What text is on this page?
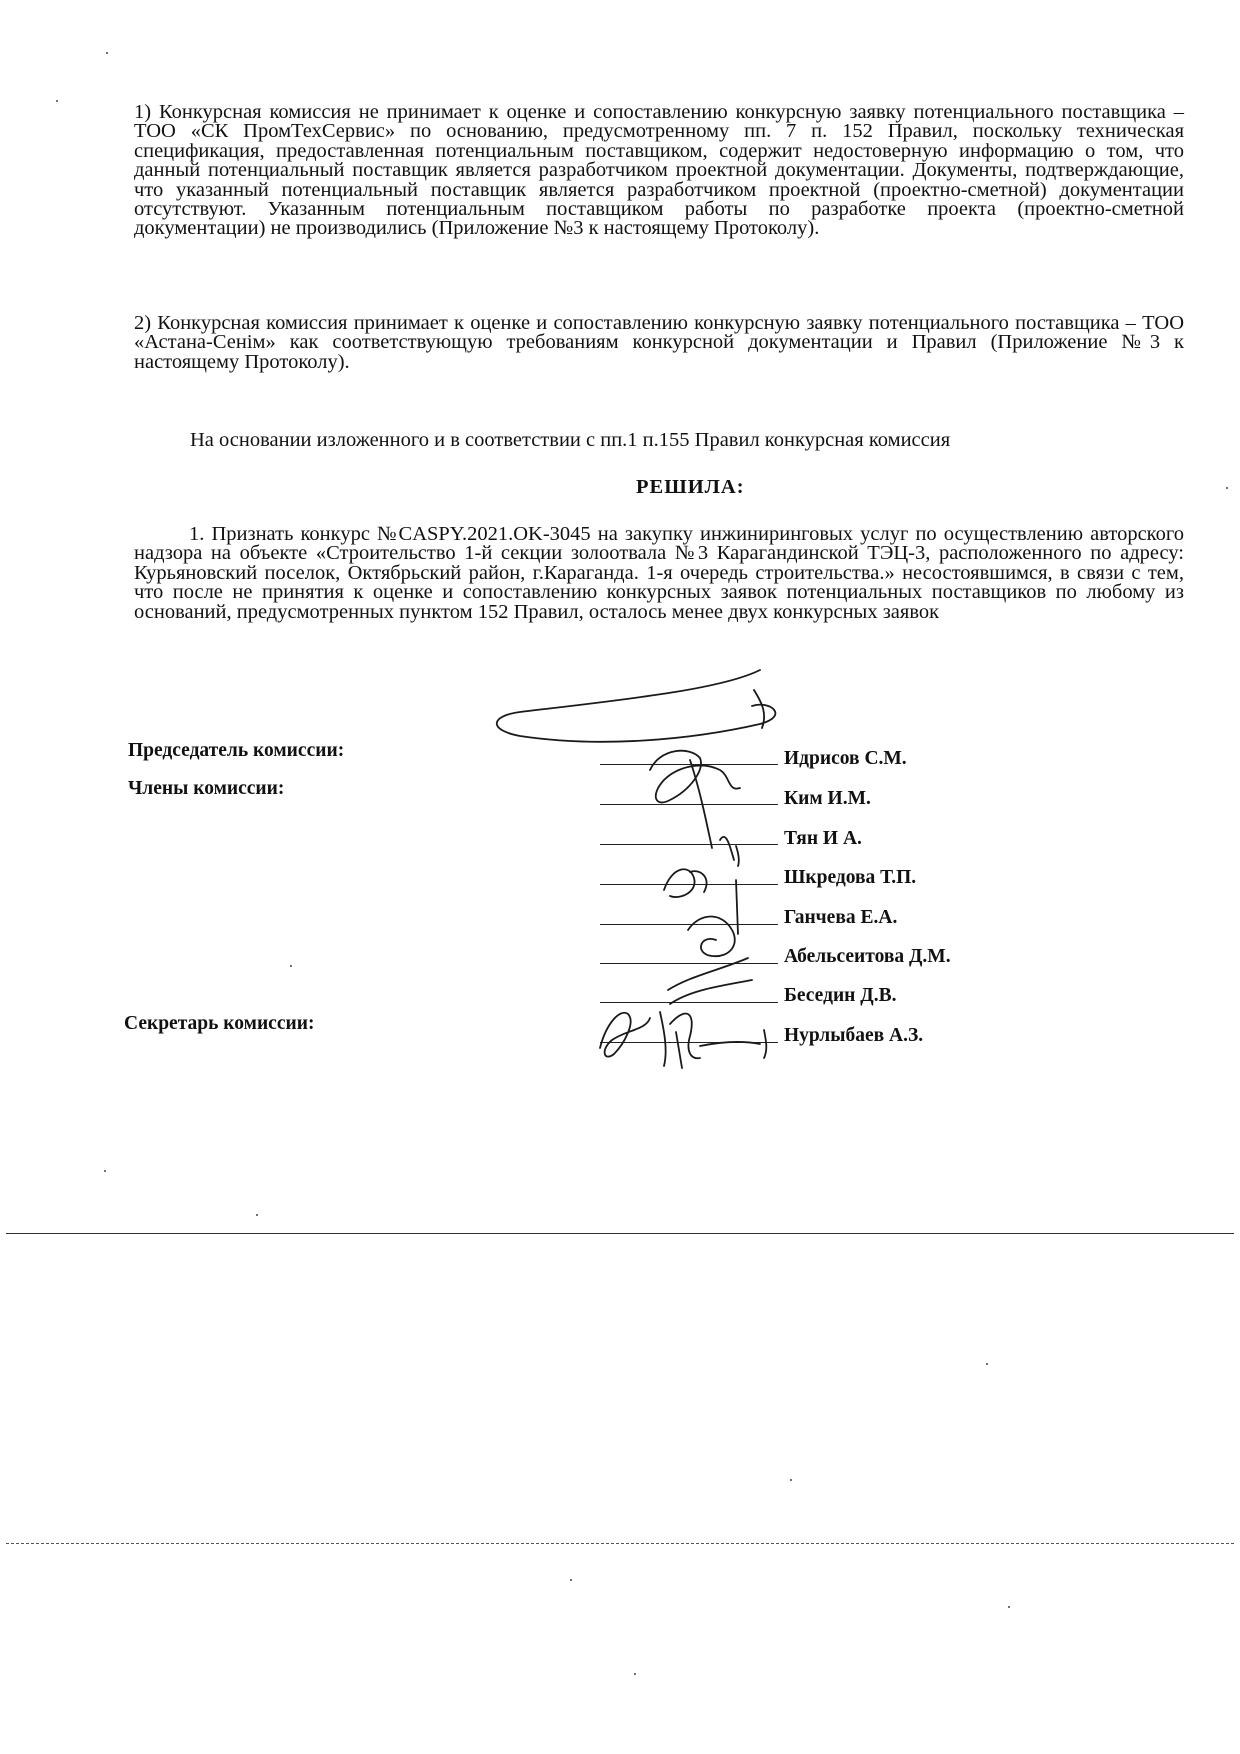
1) Конкурсная комиссия не принимает к оценке и сопоставлению конкурсную заявку потенциального поставщика – ТОО «СК ПромТехСервис» по основанию, предусмотренному пп. 7 п. 152 Правил, поскольку техническая спецификация, предоставленная потенциальным поставщиком, содержит недостоверную информацию о том, что данный потенциальный поставщик является разработчиком проектной документации. Документы, подтверждающие, что указанный потенциальный поставщик является разработчиком проектной (проектно-сметной) документации отсутствуют. Указанным потенциальным поставщиком работы по разработке проекта (проектно-сметной документации) не производились (Приложение №3 к настоящему Протоколу).

2) Конкурсная комиссия принимает к оценке и сопоставлению конкурсную заявку потенциального поставщика – ТОО «Астана-Сенім» как соответствующую требованиям конкурсной документации и Правил (Приложение №3 к настоящему Протоколу).

На основании изложенного и в соответствии с пп.1 п.155 Правил конкурсная комиссия

РЕШИЛА:

1. Признать конкурс №CASPY.2021.OK-3045 на закупку инжиниринговых услуг по осуществлению авторского надзора на объекте «Строительство 1-й секции золоотвала №3 Карагандинской ТЭЦ-3, расположенного по адресу: Курьяновский поселок, Октябрьский район, г.Караганда. 1-я очередь строительства.» несостоявшимся, в связи с тем, что после не принятия к оценке и сопоставлению конкурсных заявок потенциальных поставщиков по любому из оснований, предусмотренных пунктом 152 Правил, осталось менее двух конкурсных заявок

Председатель комиссии:

Члены комиссии:

Секретарь комиссии:

Идрисов С.М.

Ким И.М.

Тян И А.

Шкредова Т.П.

Ганчева Е.А.

Абельсеитова Д.М.

Беседин Д.В.

Нурлыбаев А.З.
